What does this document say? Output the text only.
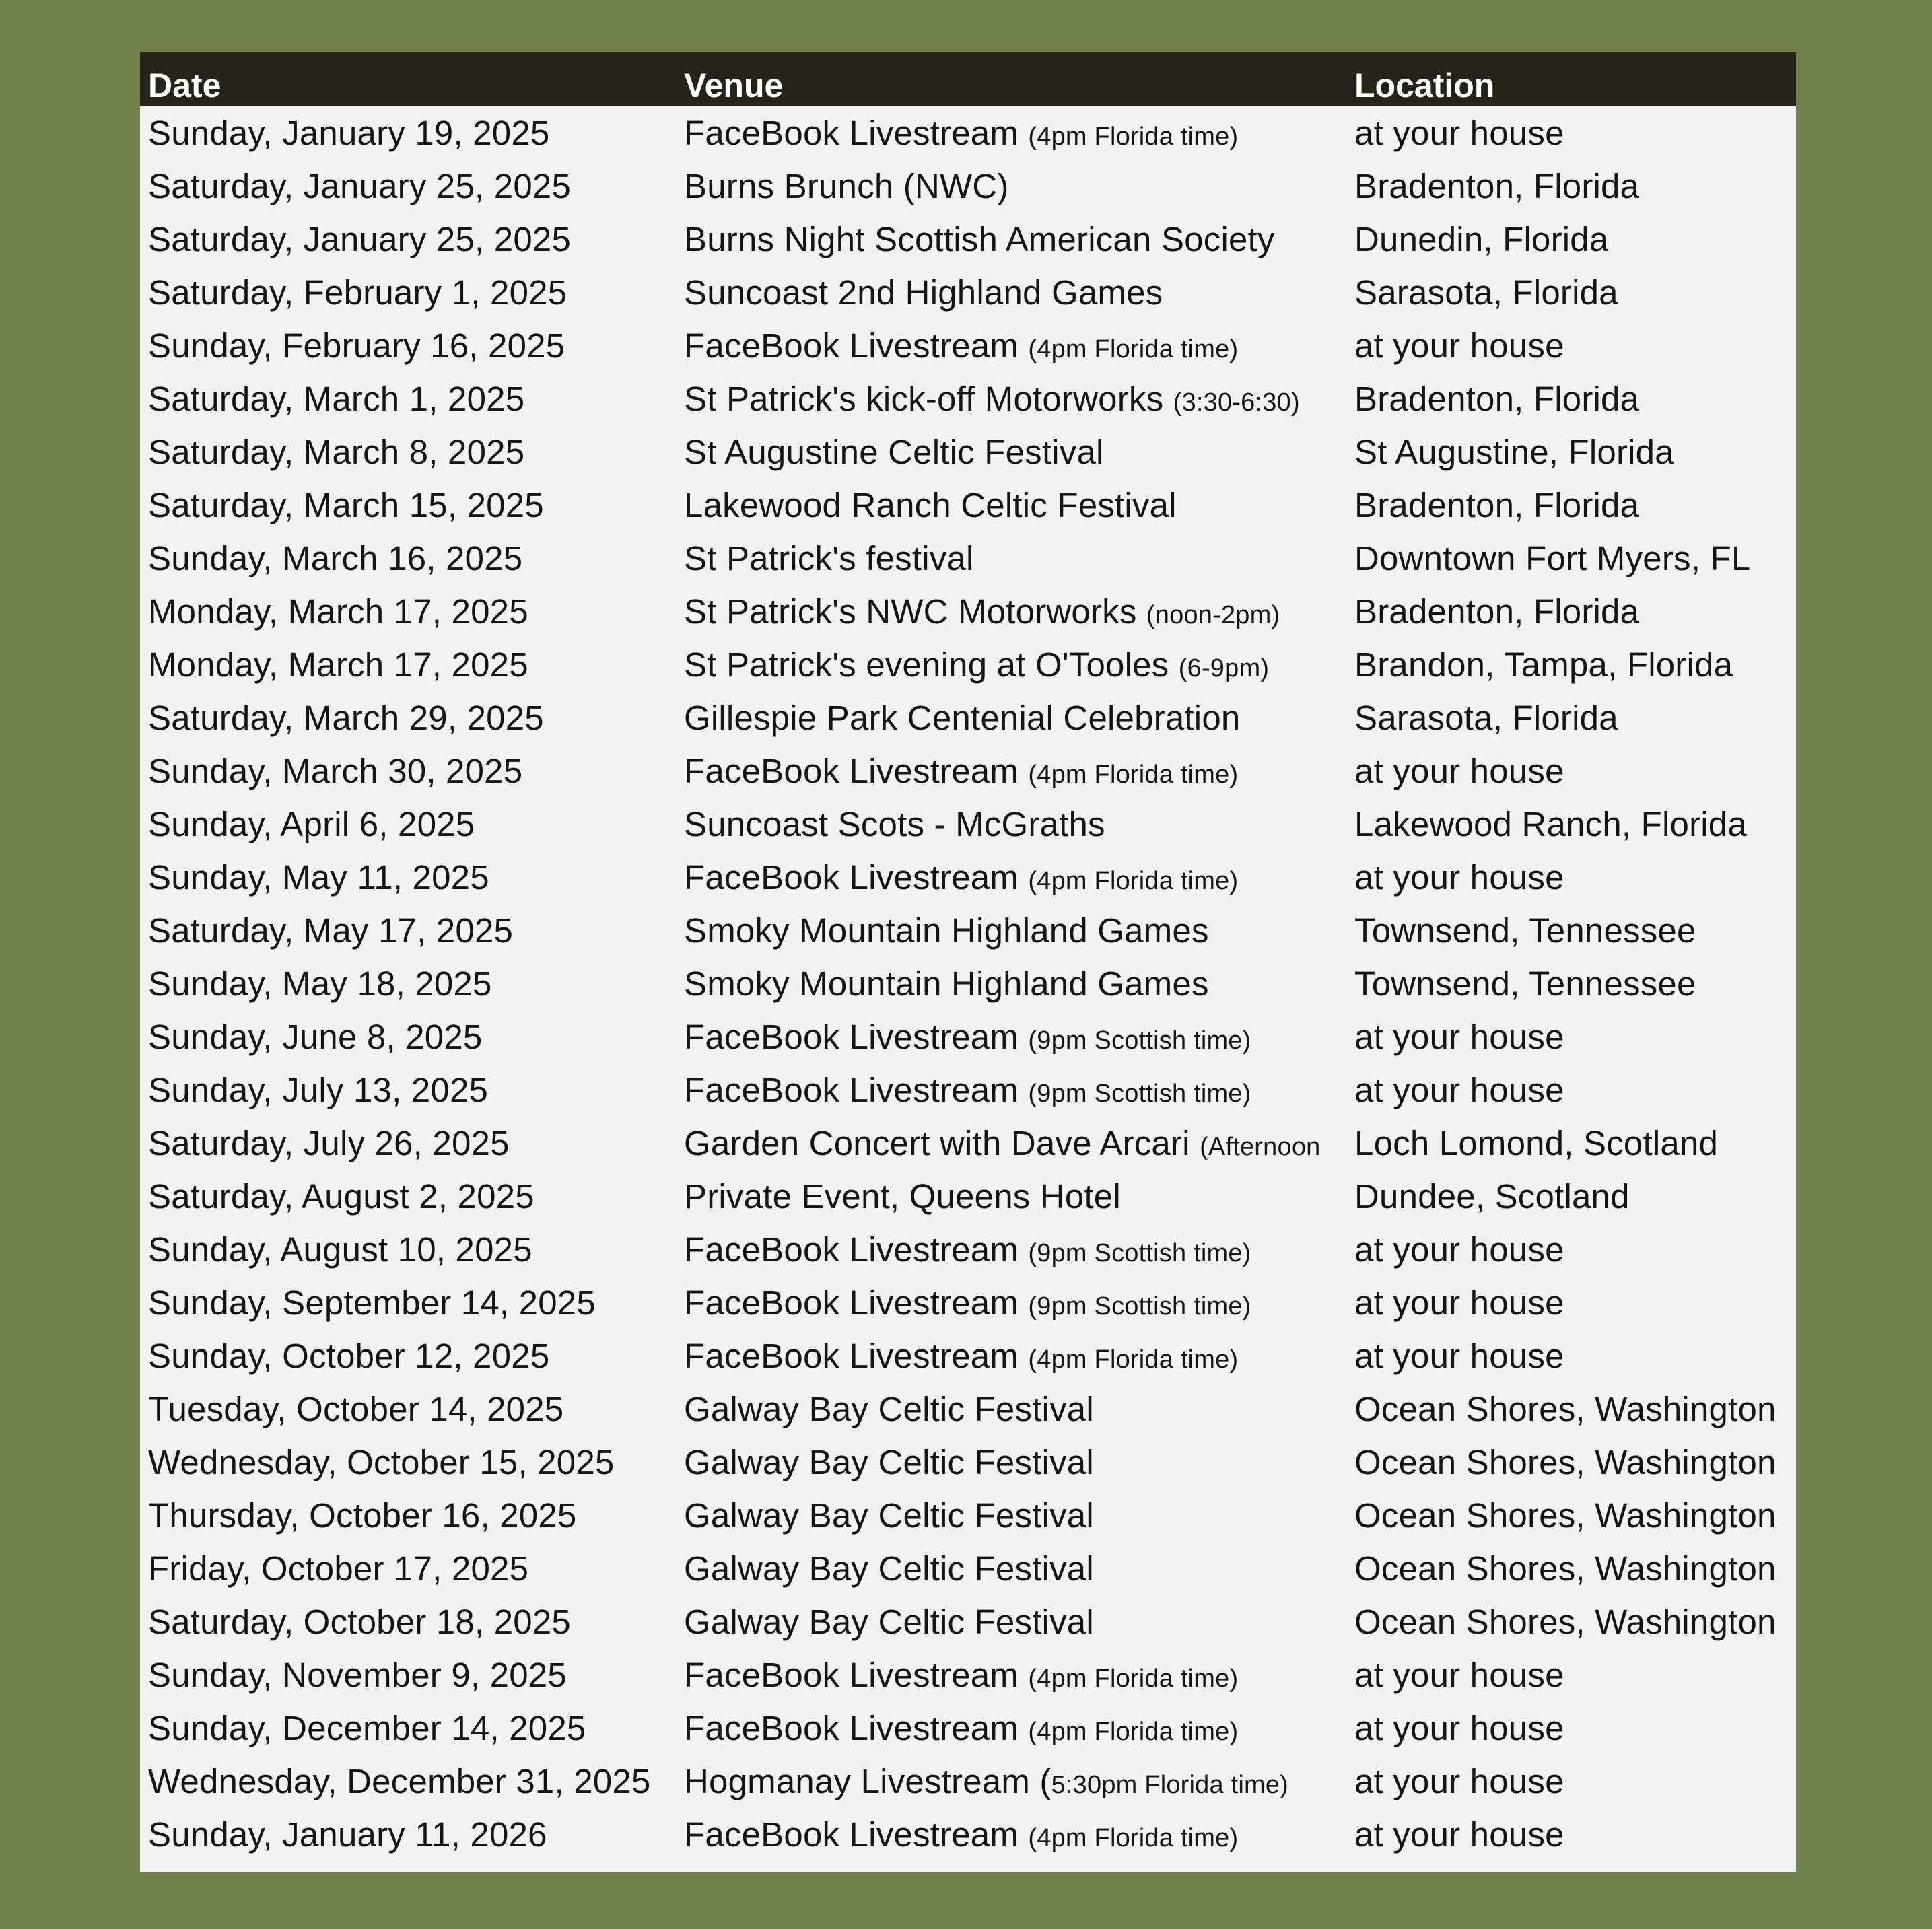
Date	Venue	Location
Sunday, January 19, 2025	FaceBook Livestream (4pm Florida time)	at your house
Saturday, January 25, 2025	Burns Brunch (NWC)	Bradenton, Florida
Saturday, January 25, 2025	Burns Night Scottish American Society	Dunedin, Florida
Saturday, February 1, 2025	Suncoast 2nd Highland Games	Sarasota, Florida
Sunday, February 16, 2025	FaceBook Livestream (4pm Florida time)	at your house
Saturday, March 1, 2025	St Patrick's kick-off Motorworks (3:30-6:30)	Bradenton, Florida
Saturday, March 8, 2025	St Augustine Celtic Festival	St Augustine, Florida
Saturday, March 15, 2025	Lakewood Ranch Celtic Festival	Bradenton, Florida
Sunday, March 16, 2025	St Patrick's festival	Downtown Fort Myers, FL
Monday, March 17, 2025	St Patrick's NWC Motorworks (noon-2pm)	Bradenton, Florida
Monday, March 17, 2025	St Patrick's evening at O'Tooles (6-9pm)	Brandon, Tampa, Florida
Saturday, March 29, 2025	Gillespie Park Centenial Celebration	Sarasota, Florida
Sunday, March 30, 2025	FaceBook Livestream (4pm Florida time)	at your house
Sunday, April 6, 2025	Suncoast Scots - McGraths	Lakewood Ranch, Florida
Sunday, May 11, 2025	FaceBook Livestream (4pm Florida time)	at your house
Saturday, May 17, 2025	Smoky Mountain Highland Games	Townsend, Tennessee
Sunday, May 18, 2025	Smoky Mountain Highland Games	Townsend, Tennessee
Sunday, June 8, 2025	FaceBook Livestream (9pm Scottish time)	at your house
Sunday, July 13, 2025	FaceBook Livestream (9pm Scottish time)	at your house
Saturday, July 26, 2025	Garden Concert with Dave Arcari (Afternoon	Loch Lomond, Scotland
Saturday, August 2, 2025	Private Event, Queens Hotel	Dundee, Scotland
Sunday, August 10, 2025	FaceBook Livestream (9pm Scottish time)	at your house
Sunday, September 14, 2025	FaceBook Livestream (9pm Scottish time)	at your house
Sunday, October 12, 2025	FaceBook Livestream (4pm Florida time)	at your house
Tuesday, October 14, 2025	Galway Bay Celtic Festival	Ocean Shores, Washington
Wednesday, October 15, 2025	Galway Bay Celtic Festival	Ocean Shores, Washington
Thursday, October 16, 2025	Galway Bay Celtic Festival	Ocean Shores, Washington
Friday, October 17, 2025	Galway Bay Celtic Festival	Ocean Shores, Washington
Saturday, October 18, 2025	Galway Bay Celtic Festival	Ocean Shores, Washington
Sunday, November 9, 2025	FaceBook Livestream (4pm Florida time)	at your house
Sunday, December 14, 2025	FaceBook Livestream (4pm Florida time)	at your house
Wednesday, December 31, 2025	Hogmanay Livestream (5:30pm Florida time)	at your house
Sunday, January 11, 2026	FaceBook Livestream (4pm Florida time)	at your house
